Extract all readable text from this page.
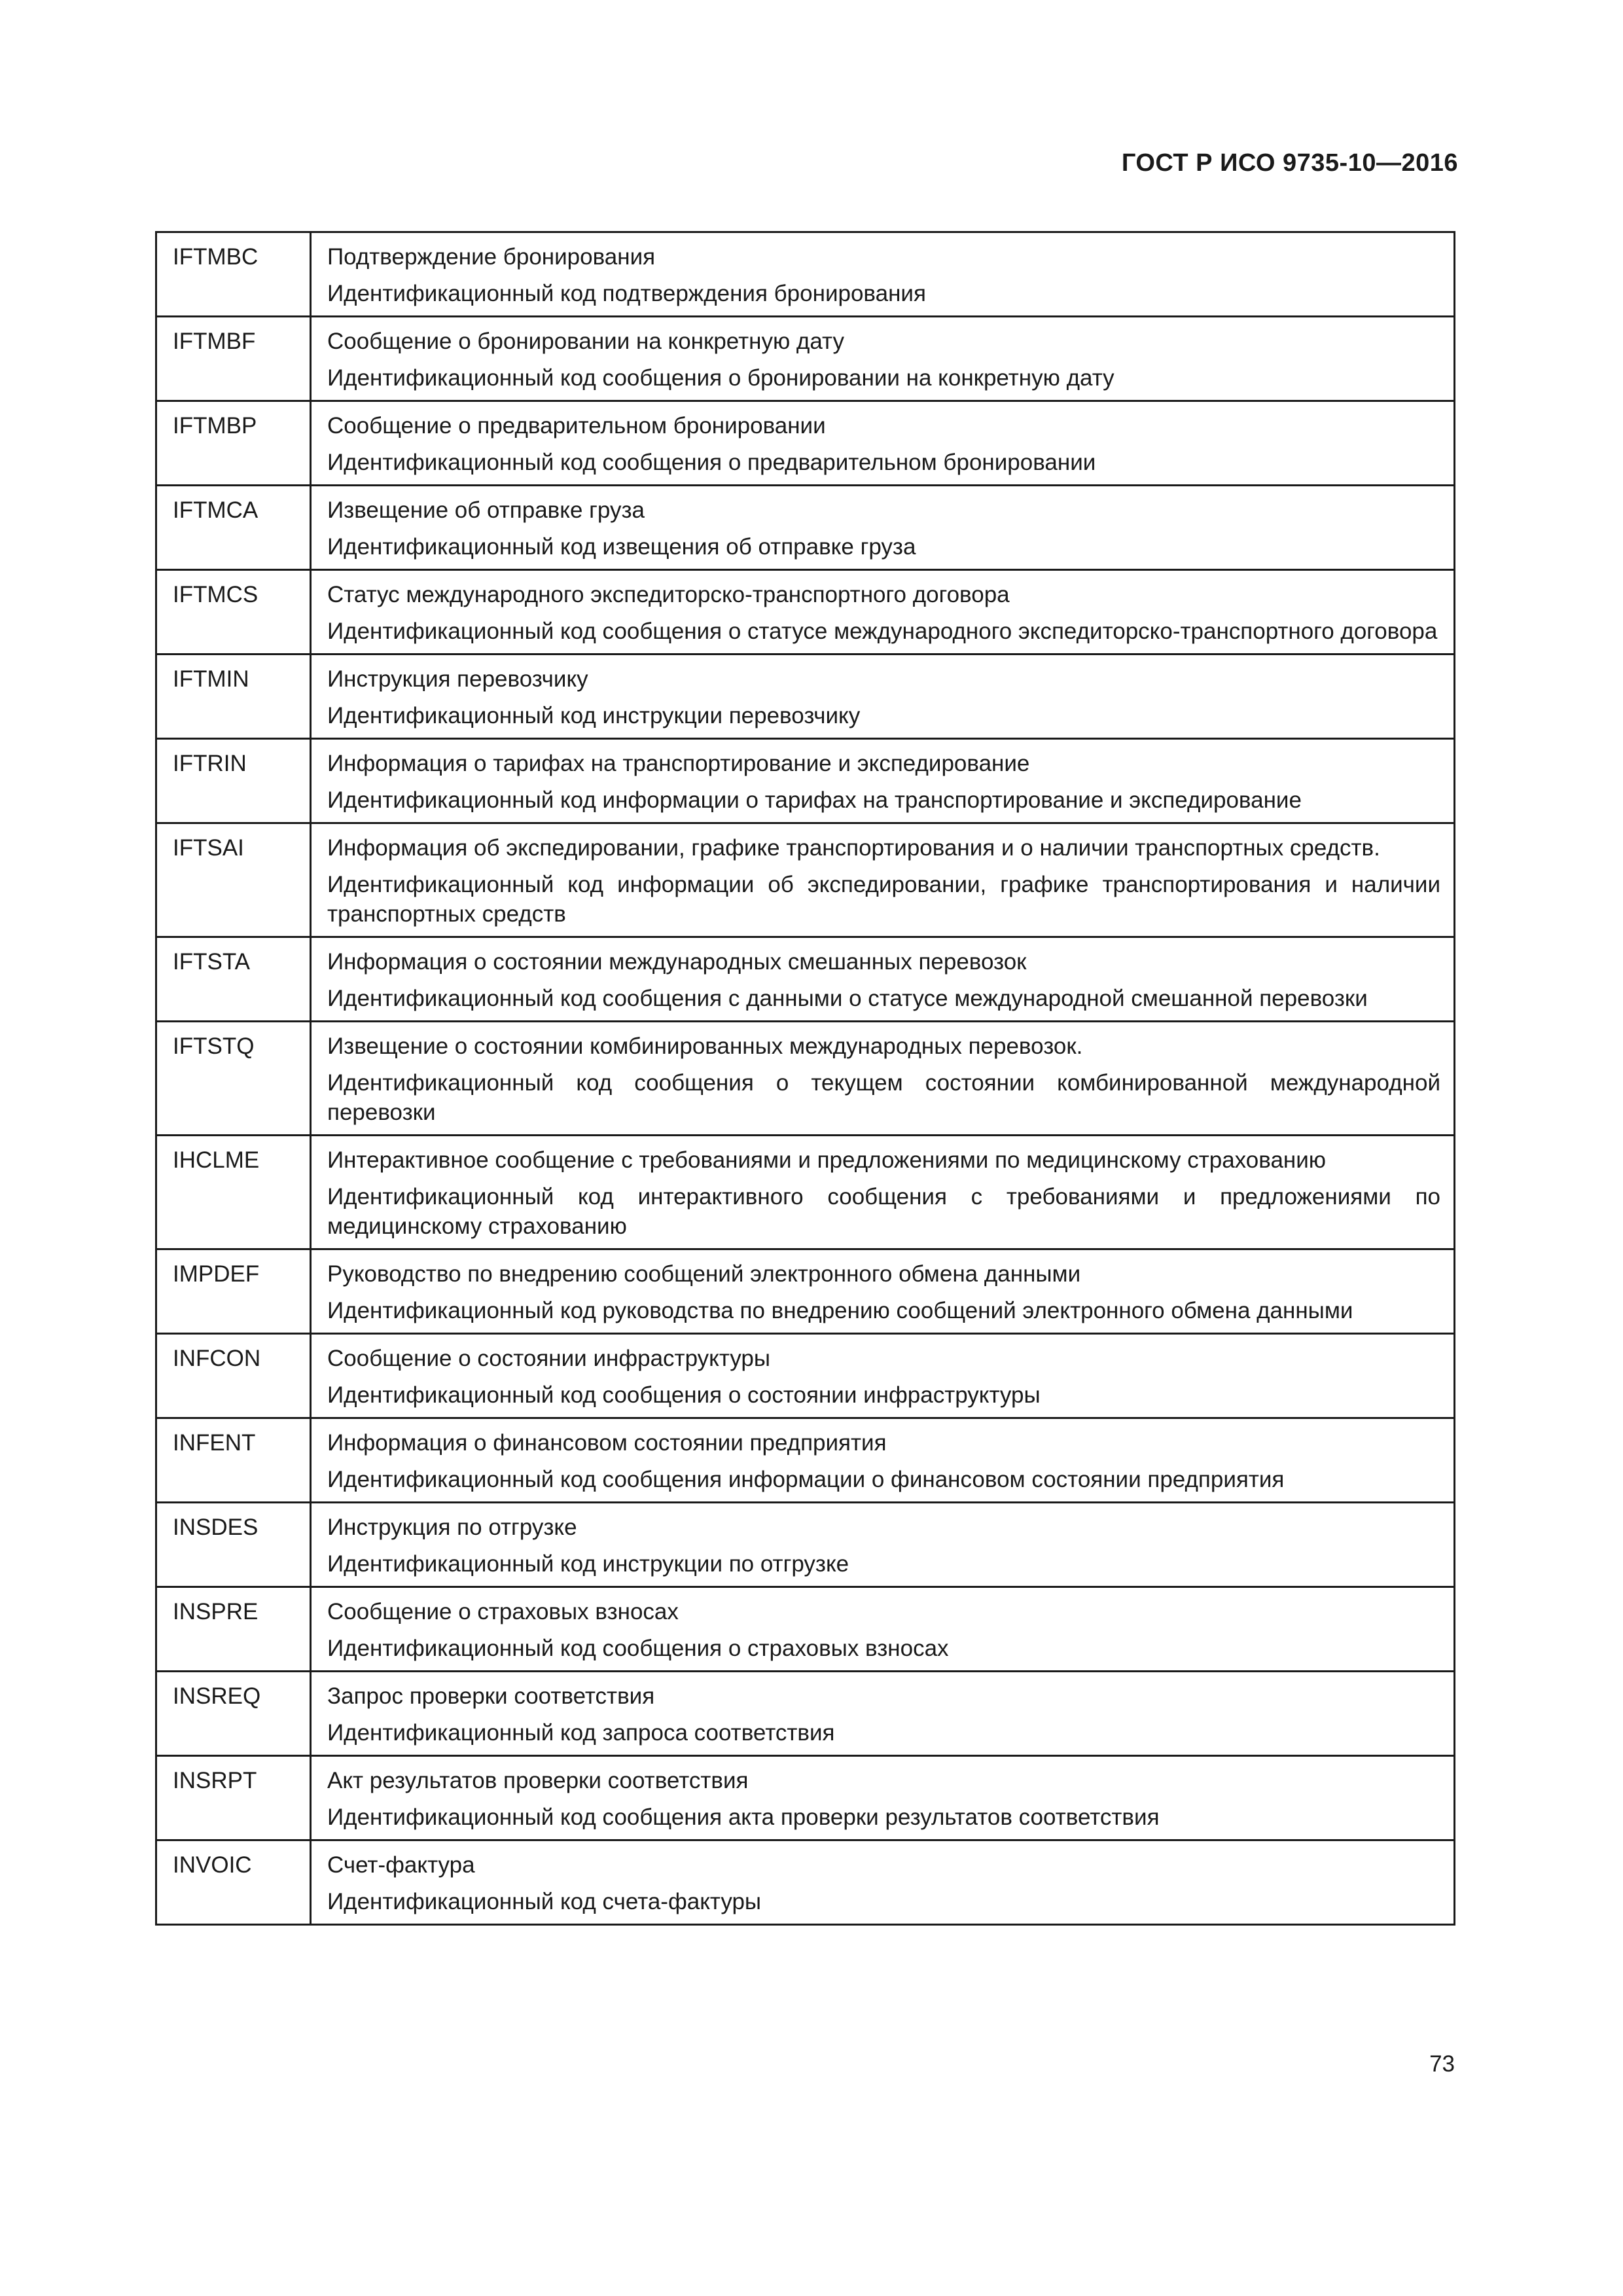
ГОСТ Р ИСО 9735-10—2016
IFTMBC	Подтверждение бронирования
Идентификационный код подтверждения бронирования

IFTMBF	Сообщение о бронировании на конкретную дату
Идентификационный код сообщения о бронировании на конкретную дату

IFTMBP	Сообщение о предварительном бронировании
Идентификационный код сообщения о предварительном бронировании

IFTMCA	Извещение об отправке груза
Идентификационный код извещения об отправке груза

IFTMCS	Статус международного экспедиторско-транспортного договора
Идентификационный код сообщения о статусе международного экспедиторско-транспортного договора

IFTMIN	Инструкция перевозчику
Идентификационный код инструкции перевозчику

IFTRIN	Информация о тарифах на транспортирование и экспедирование
Идентификационный код информации о тарифах на транспортирование и экспедирование

IFTSAI	Информация об экспедировании, графике транспортирования и о наличии транспортных средств.
Идентификационный код информации об экспедировании, графике транспортирования и наличии транспортных средств

IFTSTA	Информация о состоянии международных смешанных перевозок
Идентификационный код сообщения с данными о статусе международной смешанной перевозки

IFTSTQ	Извещение о состоянии комбинированных международных перевозок.
Идентификационный код сообщения о текущем состоянии комбинированной международной перевозки

IHCLME	Интерактивное сообщение с требованиями и предложениями по медицинскому страхованию
Идентификационный код интерактивного сообщения с требованиями и предложениями по медицинскому страхованию

IMPDEF	Руководство по внедрению сообщений электронного обмена данными
Идентификационный код руководства по внедрению сообщений электронного обмена данными

INFCON	Сообщение о состоянии инфраструктуры
Идентификационный код сообщения о состоянии инфраструктуры

INFENT	Информация о финансовом состоянии предприятия
Идентификационный код сообщения информации о финансовом состоянии предприятия

INSDES	Инструкция по отгрузке
Идентификационный код инструкции по отгрузке

INSPRE	Сообщение о страховых взносах
Идентификационный код сообщения о страховых взносах

INSREQ	Запрос проверки соответствия
Идентификационный код запроса соответствия

INSRPT	Акт результатов проверки соответствия
Идентификационный код сообщения акта проверки результатов соответствия

INVOIC	Счет-фактура
Идентификационный код счета-фактуры
73
